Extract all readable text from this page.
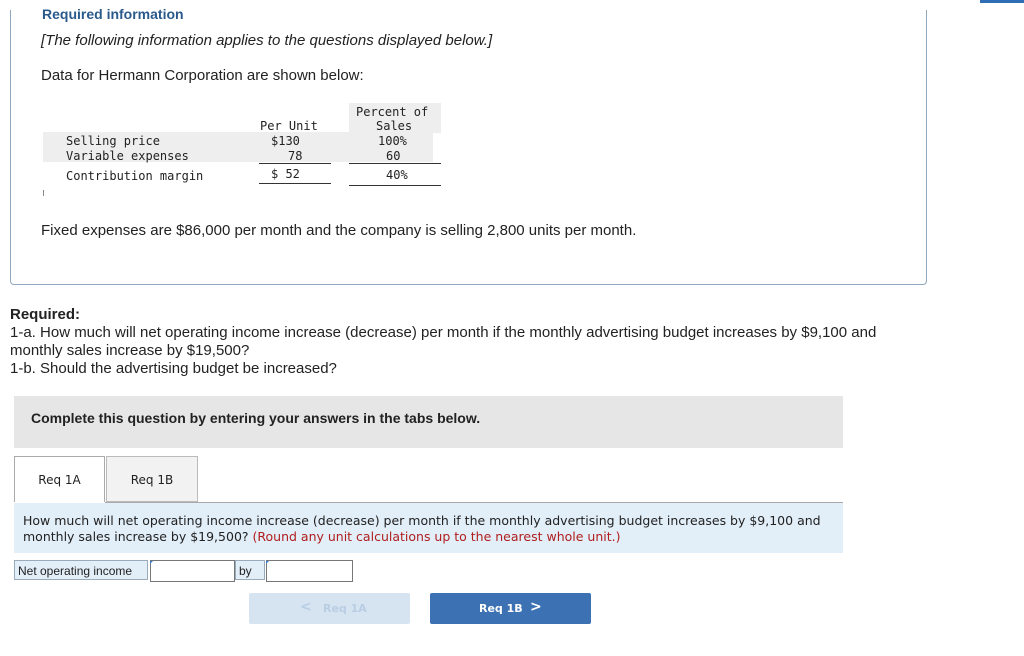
Required information
[The following information applies to the questions displayed below.]
Data for Hermann Corporation are shown below:
Per Unit
Percent of
Sales
Selling price	$130	100%
Variable expenses	78	60
Contribution margin	$ 52	40%
Fixed expenses are $86,000 per month and the company is selling 2,800 units per month.
Required:
1-a. How much will net operating income increase (decrease) per month if the monthly advertising budget increases by $9,100 and monthly sales increase by $19,500?
1-b. Should the advertising budget be increased?
Complete this question by entering your answers in the tabs below.
Req 1A	Req 1B
How much will net operating income increase (decrease) per month if the monthly advertising budget increases by $9,100 and monthly sales increase by $19,500? (Round any unit calculations up to the nearest whole unit.)
Net operating income	by
< Req 1A	Req 1B >
